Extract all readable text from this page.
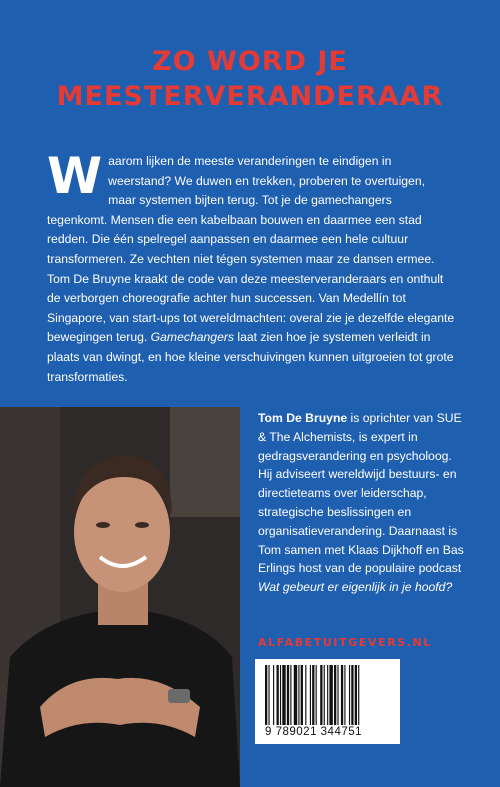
ZO WORD JE
MEESTERVERANDERAAR
W aarom lijken de meeste veranderingen te eindigen in weerstand? We duwen en trekken, proberen te overtuigen, maar systemen bijten terug. Tot je de gamechangers tegenkomt. Mensen die een kabelbaan bouwen en daarmee een stad redden. Die één spelregel aanpassen en daarmee een hele cultuur transformeren. Ze vechten niet tégen systemen maar ze dansen ermee. Tom De Bruyne kraakt de code van deze meesterveranderaars en onthult de verborgen choreografie achter hun successen. Van Medellín tot Singapore, van start-ups tot wereldmachten: overal zie je dezelfde elegante bewegingen terug. Gamechangers laat zien hoe je systemen verleidt in plaats van dwingt, en hoe kleine verschuivingen kunnen uitgroeien tot grote transformaties.
Tom De Bruyne is oprichter van SUE & The Alchemists, is expert in gedragsverandering en psycholoog. Hij adviseert wereldwijd bestuurs- en directieteams over leiderschap, strategische beslissingen en organisatieverandering. Daarnaast is Tom samen met Klaas Dijkhoff en Bas Erlings host van de populaire podcast Wat gebeurt er eigenlijk in je hoofd?
ALFABETUITGEVERS.NL
9 789021 344751
